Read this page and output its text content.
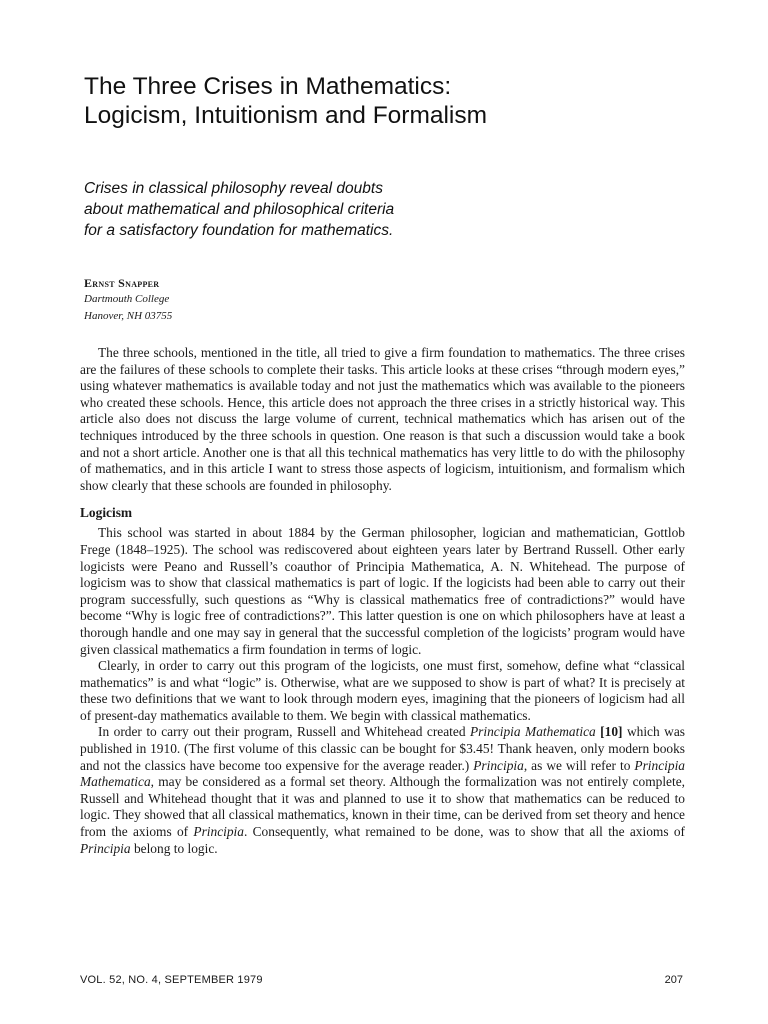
The Three Crises in Mathematics:
Logicism, Intuitionism and Formalism

Crises in classical philosophy reveal doubts
about mathematical and philosophical criteria
for a satisfactory foundation for mathematics.

Ernst Snapper
Dartmouth College
Hanover, NH 03755

The three schools, mentioned in the title, all tried to give a firm foundation to mathematics. The three crises are the failures of these schools to complete their tasks. This article looks at these crises “through modern eyes,” using whatever mathematics is available today and not just the mathematics which was available to the pioneers who created these schools. Hence, this article does not approach the three crises in a strictly historical way. This article also does not discuss the large volume of current, technical mathematics which has arisen out of the techniques introduced by the three schools in question. One reason is that such a discussion would take a book and not a short article. Another one is that all this technical mathematics has very little to do with the philosophy of mathematics, and in this article I want to stress those aspects of logicism, intuitionism, and formalism which show clearly that these schools are founded in philosophy.

Logicism

This school was started in about 1884 by the German philosopher, logician and mathematician, Gottlob Frege (1848–1925). The school was rediscovered about eighteen years later by Bertrand Russell. Other early logicists were Peano and Russell’s coauthor of Principia Mathematica, A. N. Whitehead. The purpose of logicism was to show that classical mathematics is part of logic. If the logicists had been able to carry out their program successfully, such questions as “Why is classical mathematics free of contradictions?” would have become “Why is logic free of contradictions?”. This latter question is one on which philosophers have at least a thorough handle and one may say in general that the successful completion of the logicists’ program would have given classical mathematics a firm foundation in terms of logic.

Clearly, in order to carry out this program of the logicists, one must first, somehow, define what “classical mathematics” is and what “logic” is. Otherwise, what are we supposed to show is part of what? It is precisely at these two definitions that we want to look through modern eyes, imagining that the pioneers of logicism had all of present-day mathematics available to them. We begin with classical mathematics.

In order to carry out their program, Russell and Whitehead created Principia Mathematica [10] which was published in 1910. (The first volume of this classic can be bought for $3.45! Thank heaven, only modern books and not the classics have become too expensive for the average reader.) Principia, as we will refer to Principia Mathematica, may be considered as a formal set theory. Although the formalization was not entirely complete, Russell and Whitehead thought that it was and planned to use it to show that mathematics can be reduced to logic. They showed that all classical mathematics, known in their time, can be derived from set theory and hence from the axioms of Principia. Consequently, what remained to be done, was to show that all the axioms of Principia belong to logic.

VOL. 52, NO. 4, SEPTEMBER 1979	207
